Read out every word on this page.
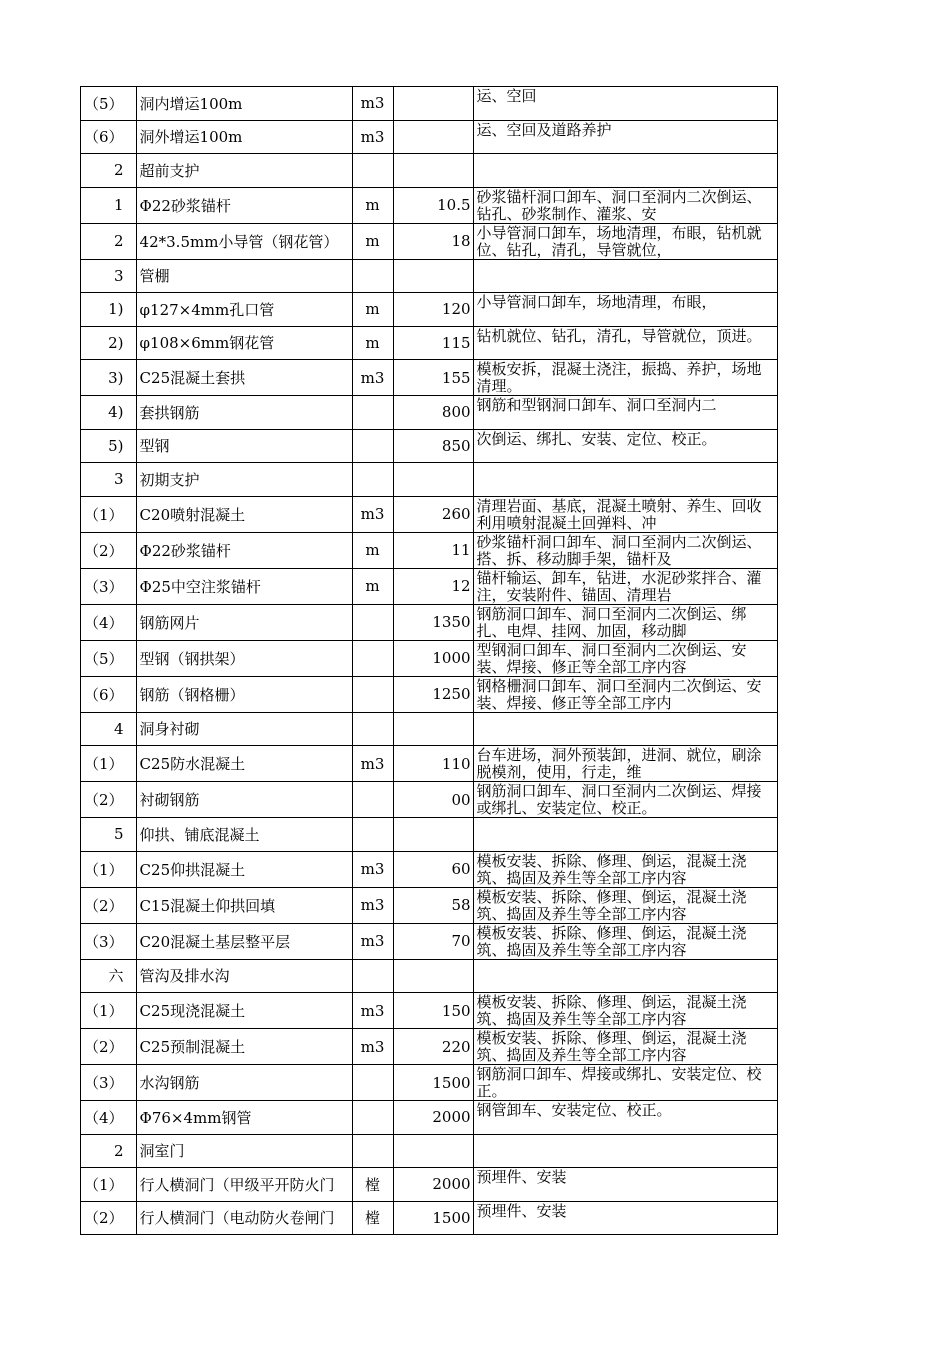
（5）	洞内增运100m	m3		运、空回

（6）	洞外增运100m	m3		运、空回及道路养护

2	超前支护			

1	Φ22砂浆锚杆	m	10.5	砂浆锚杆洞口卸车、洞口至洞内二次倒运、钻孔、砂浆制作、灌浆、安

2	42*3.5mm小导管（钢花管）	m	18	小导管洞口卸车，场地清理，布眼，钻机就位、钻孔，清孔，导管就位，

3	管棚			

1)	φ127×4mm孔口管	m	120	小导管洞口卸车，场地清理，布眼，

2)	φ108×6mm钢花管	m	115	钻机就位、钻孔，清孔，导管就位，顶进。

3)	C25混凝土套拱	m3	155	模板安拆，混凝土浇注，振捣、养护，场地清理。

4)	套拱钢筋		800	钢筋和型钢洞口卸车、洞口至洞内二

5)	型钢		850	次倒运、绑扎、安装、定位、校正。

3	初期支护			

（1）	C20喷射混凝土	m3	260	清理岩面、基底，混凝土喷射、养生、回收利用喷射混凝土回弹料、冲

（2）	Φ22砂浆锚杆	m	11	砂浆锚杆洞口卸车、洞口至洞内二次倒运、搭、拆、移动脚手架，锚杆及

（3）	Φ25中空注浆锚杆	m	12	锚杆输运、卸车，钻进，水泥砂浆拌合、灌注，安装附件、锚固、清理岩

（4）	钢筋网片		1350	钢筋洞口卸车、洞口至洞内二次倒运、绑扎、电焊、挂网、加固，移动脚

（5）	型钢（钢拱架）		1000	型钢洞口卸车、洞口至洞内二次倒运、安装、焊接、修正等全部工序内容

（6）	钢筋（钢格栅）		1250	钢格栅洞口卸车、洞口至洞内二次倒运、安装、焊接、修正等全部工序内

4	洞身衬砌			

（1）	C25防水混凝土	m3	110	台车进场，洞外预装卸，进洞、就位，刷涂脱模剂，使用，行走，维

（2）	衬砌钢筋		00	钢筋洞口卸车、洞口至洞内二次倒运、焊接或绑扎、安装定位、校正。

5	仰拱、铺底混凝土			

（1）	C25仰拱混凝土	m3	60	模板安装、拆除、修理、倒运，混凝土浇筑、捣固及养生等全部工序内容

（2）	C15混凝土仰拱回填	m3	58	模板安装、拆除、修理、倒运，混凝土浇筑、捣固及养生等全部工序内容

（3）	C20混凝土基层整平层	m3	70	模板安装、拆除、修理、倒运，混凝土浇筑、捣固及养生等全部工序内容

六	管沟及排水沟			

（1）	C25现浇混凝土	m3	150	模板安装、拆除、修理、倒运，混凝土浇筑、捣固及养生等全部工序内容

（2）	C25预制混凝土	m3	220	模板安装、拆除、修理、倒运，混凝土浇筑、捣固及养生等全部工序内容

（3）	水沟钢筋		1500	钢筋洞口卸车、焊接或绑扎、安装定位、校正。

（4）	Φ76×4mm钢管		2000	钢管卸车、安装定位、校正。

2	洞室门			

（1）	行人横洞门（甲级平开防火门	樘	2000	预埋件、安装

（2）	行人横洞门（电动防火卷闸门	樘	1500	预埋件、安装
